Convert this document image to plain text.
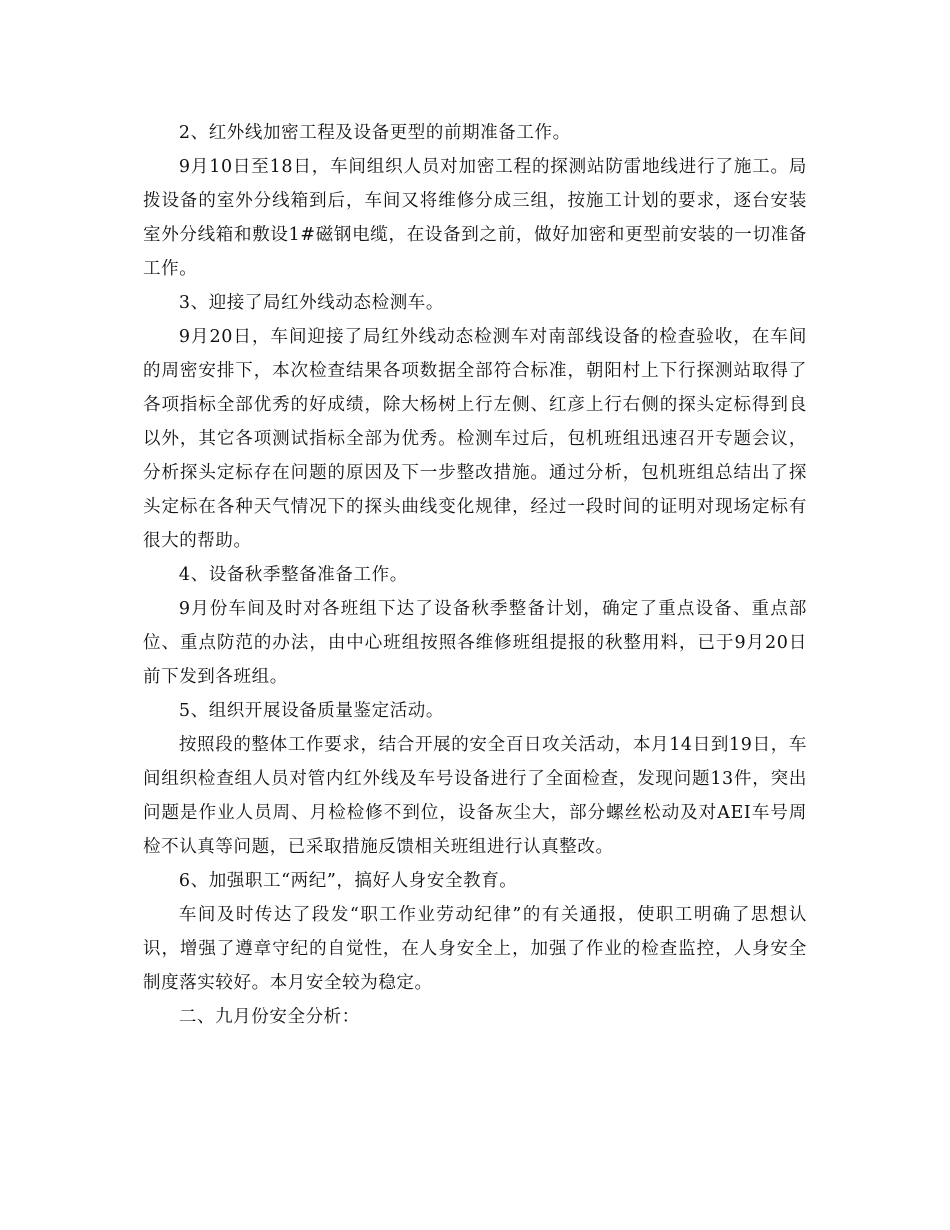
2、红外线加密工程及设备更型的前期准备工作。

9月10日至18日，车间组织人员对加密工程的探测站防雷地线进行了施工。局拨设备的室外分线箱到后，车间又将维修分成三组，按施工计划的要求，逐台安装室外分线箱和敷设1#磁钢电缆，在设备到之前，做好加密和更型前安装的一切准备工作。

3、迎接了局红外线动态检测车。

9月20日，车间迎接了局红外线动态检测车对南部线设备的检查验收，在车间的周密安排下，本次检查结果各项数据全部符合标准，朝阳村上下行探测站取得了各项指标全部优秀的好成绩，除大杨树上行左侧、红彦上行右侧的探头定标得到良以外，其它各项测试指标全部为优秀。检测车过后，包机班组迅速召开专题会议，分析探头定标存在问题的原因及下一步整改措施。通过分析，包机班组总结出了探头定标在各种天气情况下的探头曲线变化规律，经过一段时间的证明对现场定标有很大的帮助。

4、设备秋季整备准备工作。

9月份车间及时对各班组下达了设备秋季整备计划，确定了重点设备、重点部位、重点防范的办法，由中心班组按照各维修班组提报的秋整用料，已于9月20日前下发到各班组。

5、组织开展设备质量鉴定活动。

按照段的整体工作要求，结合开展的安全百日攻关活动，本月14日到19日，车间组织检查组人员对管内红外线及车号设备进行了全面检查，发现问题13件，突出问题是作业人员周、月检检修不到位，设备灰尘大，部分螺丝松动及对AEI车号周检不认真等问题，已采取措施反馈相关班组进行认真整改。

6、加强职工“两纪”，搞好人身安全教育。

车间及时传达了段发“职工作业劳动纪律”的有关通报，使职工明确了思想认识，增强了遵章守纪的自觉性，在人身安全上，加强了作业的检查监控，人身安全制度落实较好。本月安全较为稳定。

二、九月份安全分析：
